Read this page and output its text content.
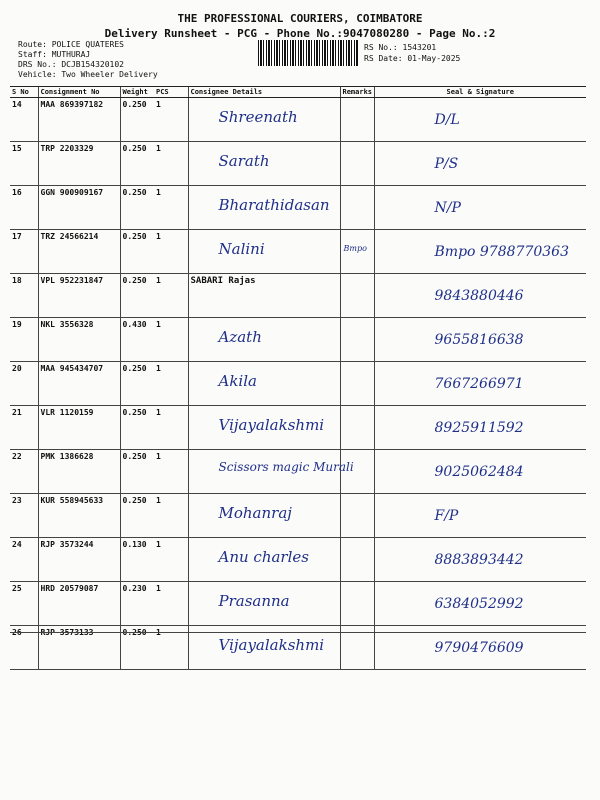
THE PROFESSIONAL COURIERS, COIMBATORE
Delivery Runsheet - PCG - Phone No.:9047080280 - Page No.:2
Route: POLICE QUATERES
Staff: MUTHURAJ
DRS No.: DCJB154320102
Vehicle: Two Wheeler Delivery
RS No.: 1543201
RS Date: 01-May-2025
S No	Consignment No	Weight	PCS	Consignee Details	Remarks	Seal & Signature
14	MAA 869397182	0.250	1	Shreenath		D/L

15	TRP 2203329	0.250	1	Sarath		P/S

16	GGN 900909167	0.250	1	Bharathidasan		N/P

17	TRZ 24566214	0.250	1	Nalini	Bmpo	Bmpo 9788770363

18	VPL 952231847	0.250	1	SABARI Rajas		9843880446

19	NKL 3556328	0.430	1	Azath		9655816638

20	MAA 945434707	0.250	1	Akila		7667266971

21	VLR 1120159	0.250	1	Vijayalakshmi		8925911592

22	PMK 1386628	0.250	1	Scissors magic Murali		9025062484

23	KUR 558945633	0.250	1	Mohanraj		F/P

24	RJP 3573244	0.130	1	Anu charles		8883893442

25	HRD 20579087	0.230	1	Prasanna		6384052992

26	RJP 3573133	0.250	1	Vijayalakshmi		9790476609
